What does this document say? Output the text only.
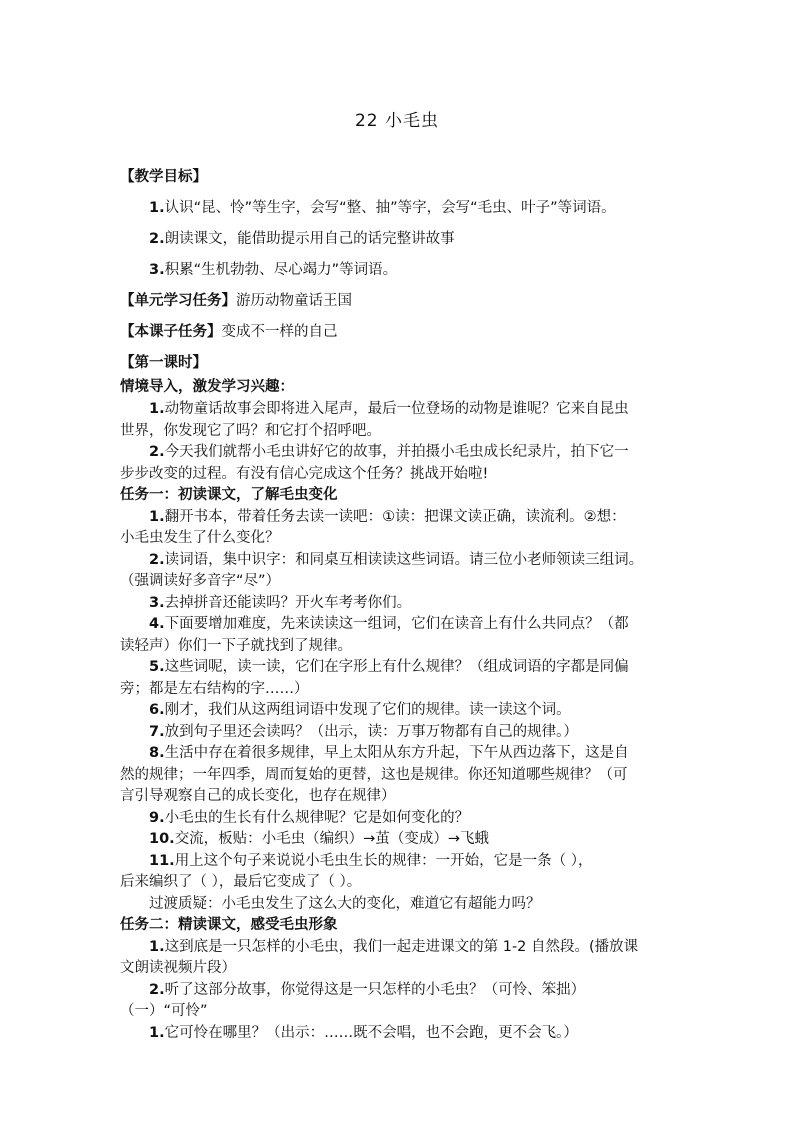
22 小毛虫
【教学目标】
1.认识“昆、怜”等生字，会写“整、抽”等字，会写“毛虫、叶子”等词语。
2.朗读课文，能借助提示用自己的话完整讲故事
3.积累“生机勃勃、尽心竭力”等词语。
【单元学习任务】游历动物童话王国
【本课子任务】变成不一样的自己
【第一课时】
情境导入，激发学习兴趣：
1.动物童话故事会即将进入尾声，最后一位登场的动物是谁呢？它来自昆虫
世界，你发现它了吗？和它打个招呼吧。
2.今天我们就帮小毛虫讲好它的故事，并拍摄小毛虫成长纪录片，拍下它一
步步改变的过程。有没有信心完成这个任务？挑战开始啦!
任务一：初读课文，了解毛虫变化
1.翻开书本，带着任务去读一读吧：①读：把课文读正确，读流利。②想：
小毛虫发生了什么变化？
2.读词语，集中识字：和同桌互相读读这些词语。请三位小老师领读三组词。
（强调读好多音字“尽”）
3.去掉拼音还能读吗？开火车考考你们。
4.下面要增加难度，先来读读这一组词，它们在读音上有什么共同点？（都
读轻声）你们一下子就找到了规律。
5.这些词呢，读一读，它们在字形上有什么规律？（组成词语的字都是同偏
旁；都是左右结构的字……）
6.刚才，我们从这两组词语中发现了它们的规律。读一读这个词。
7.放到句子里还会读吗？（出示，读：万事万物都有自己的规律。）
8.生活中存在着很多规律，早上太阳从东方升起，下午从西边落下，这是自
然的规律；一年四季，周而复始的更替，这也是规律。你还知道哪些规律？（可
言引导观察自己的成长变化，也存在规律）
9.小毛虫的生长有什么规律呢？它是如何变化的？
10.交流，板贴：小毛虫（编织）→茧（变成）→飞蛾
11.用上这个句子来说说小毛虫生长的规律：一开始，它是一条（ ），
后来编织了（ ），最后它变成了（ ）。
过渡质疑：小毛虫发生了这么大的变化，难道它有超能力吗？
任务二：精读课文，感受毛虫形象
1.这到底是一只怎样的小毛虫，我们一起走进课文的第 1-2 自然段。(播放课
文朗读视频片段）
2.听了这部分故事，你觉得这是一只怎样的小毛虫？（可怜、笨拙）
（一）“可怜”
1.它可怜在哪里？（出示：……既不会唱，也不会跑，更不会飞。）
